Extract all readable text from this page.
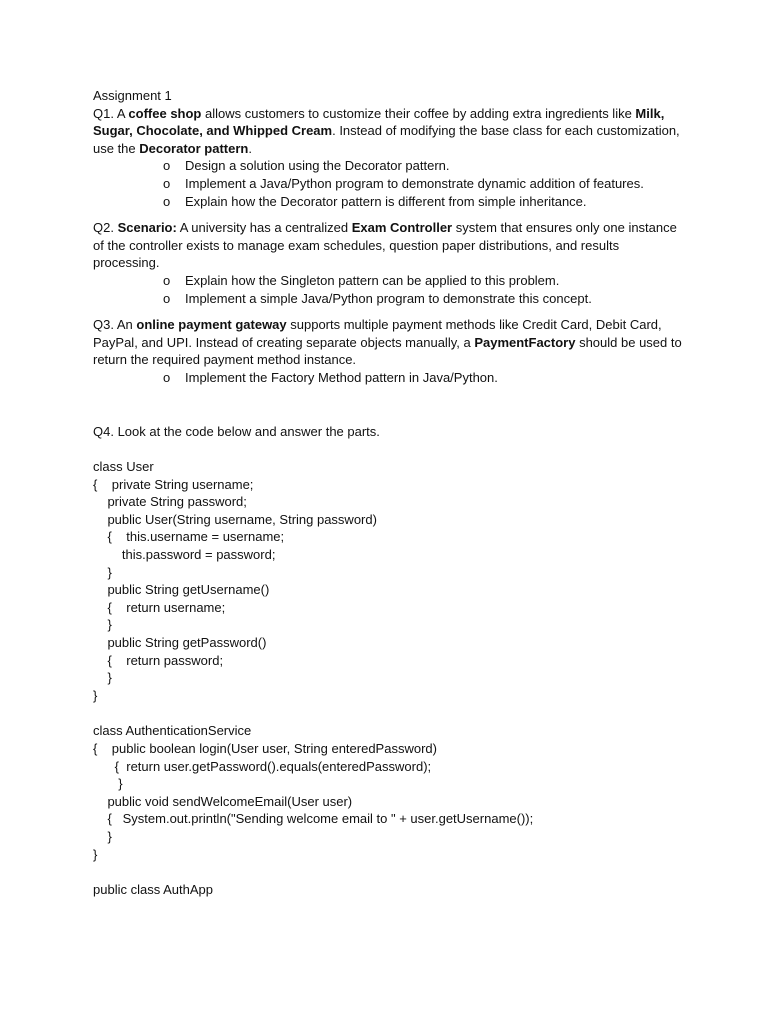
Assignment 1

Q1. A coffee shop allows customers to customize their coffee by adding extra ingredients like Milk, Sugar, Chocolate, and Whipped Cream. Instead of modifying the base class for each customization, use the Decorator pattern.

o Design a solution using the Decorator pattern.
o Implement a Java/Python program to demonstrate dynamic addition of features.
o Explain how the Decorator pattern is different from simple inheritance.

Q2. Scenario: A university has a centralized Exam Controller system that ensures only one instance of the controller exists to manage exam schedules, question paper distributions, and results processing.

o Explain how the Singleton pattern can be applied to this problem.
o Implement a simple Java/Python program to demonstrate this concept.

Q3. An online payment gateway supports multiple payment methods like Credit Card, Debit Card, PayPal, and UPI. Instead of creating separate objects manually, a PaymentFactory should be used to return the required payment method instance.

o Implement the Factory Method pattern in Java/Python.

Q4. Look at the code below and answer the parts.

class User

{    private String username;

private String password;

public User(String username, String password)

{    this.username = username;

this.password = password;

}

public String getUsername()

{    return username;

}

public String getPassword()

{    return password;

}

}

class AuthenticationService

{    public boolean login(User user, String enteredPassword)

{  return user.getPassword().equals(enteredPassword);

}

public void sendWelcomeEmail(User user)

{   System.out.println("Sending welcome email to " + user.getUsername());

}

}

public class AuthApp
